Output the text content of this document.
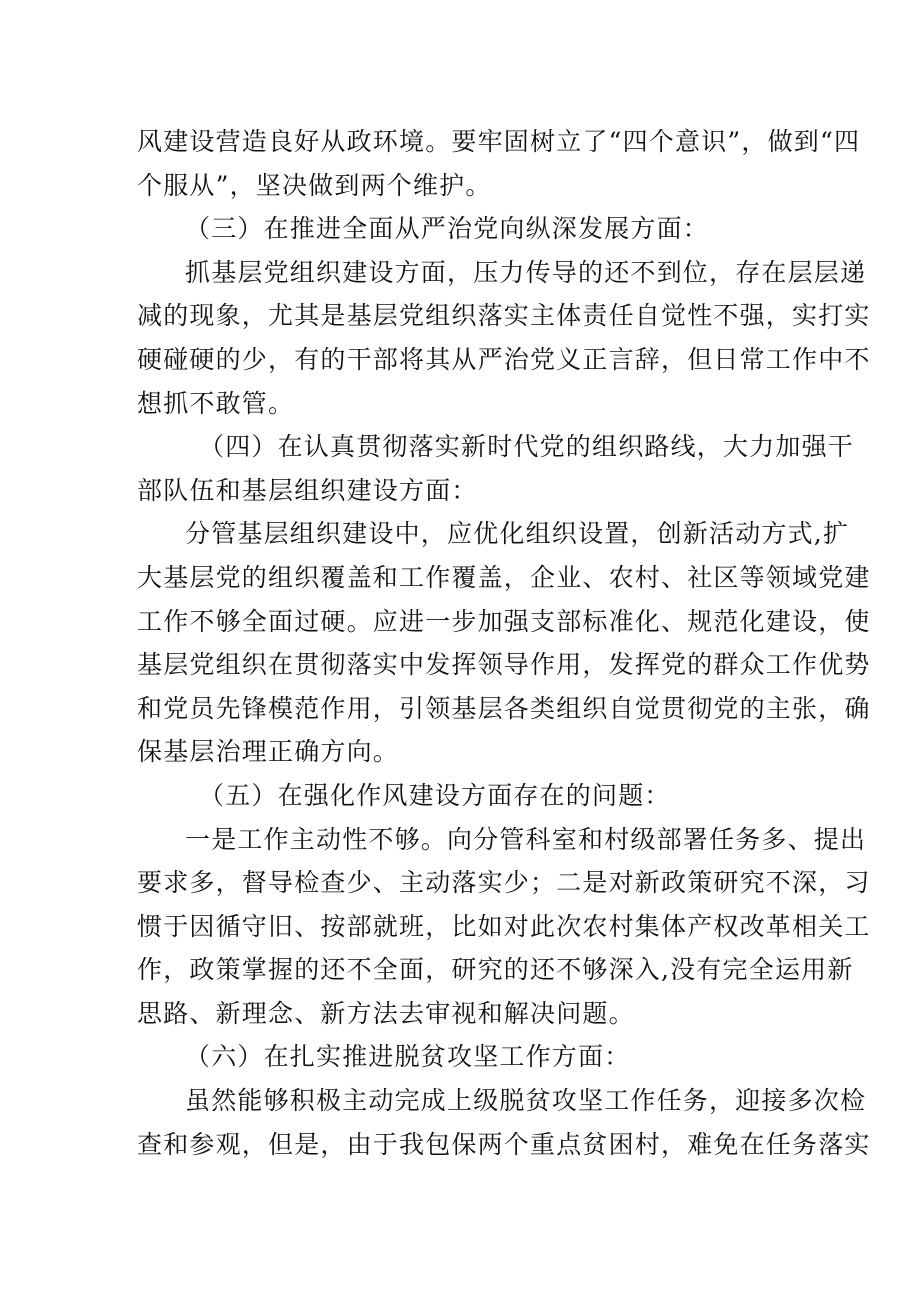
风建设营造良好从政环境。要牢固树立了“四个意识”，做到“四
个服从”，坚决做到两个维护。
（三）在推进全面从严治党向纵深发展方面：
抓基层党组织建设方面，压力传导的还不到位，存在层层递
减的现象，尤其是基层党组织落实主体责任自觉性不强，实打实
硬碰硬的少，有的干部将其从严治党义正言辞，但日常工作中不
想抓不敢管。
（四）在认真贯彻落实新时代党的组织路线，大力加强干
部队伍和基层组织建设方面：
分管基层组织建设中，应优化组织设置，创新活动方式,扩
大基层党的组织覆盖和工作覆盖，企业、农村、社区等领域党建
工作不够全面过硬。应进一步加强支部标准化、规范化建设，使
基层党组织在贯彻落实中发挥领导作用，发挥党的群众工作优势
和党员先锋模范作用，引领基层各类组织自觉贯彻党的主张，确
保基层治理正确方向。
（五）在强化作风建设方面存在的问题：
一是工作主动性不够。向分管科室和村级部署任务多、提出
要求多，督导检查少、主动落实少；二是对新政策研究不深，习
惯于因循守旧、按部就班，比如对此次农村集体产权改革相关工
作，政策掌握的还不全面，研究的还不够深入,没有完全运用新
思路、新理念、新方法去审视和解决问题。
（六）在扎实推进脱贫攻坚工作方面：
虽然能够积极主动完成上级脱贫攻坚工作任务，迎接多次检
查和参观，但是，由于我包保两个重点贫困村，难免在任务落实
